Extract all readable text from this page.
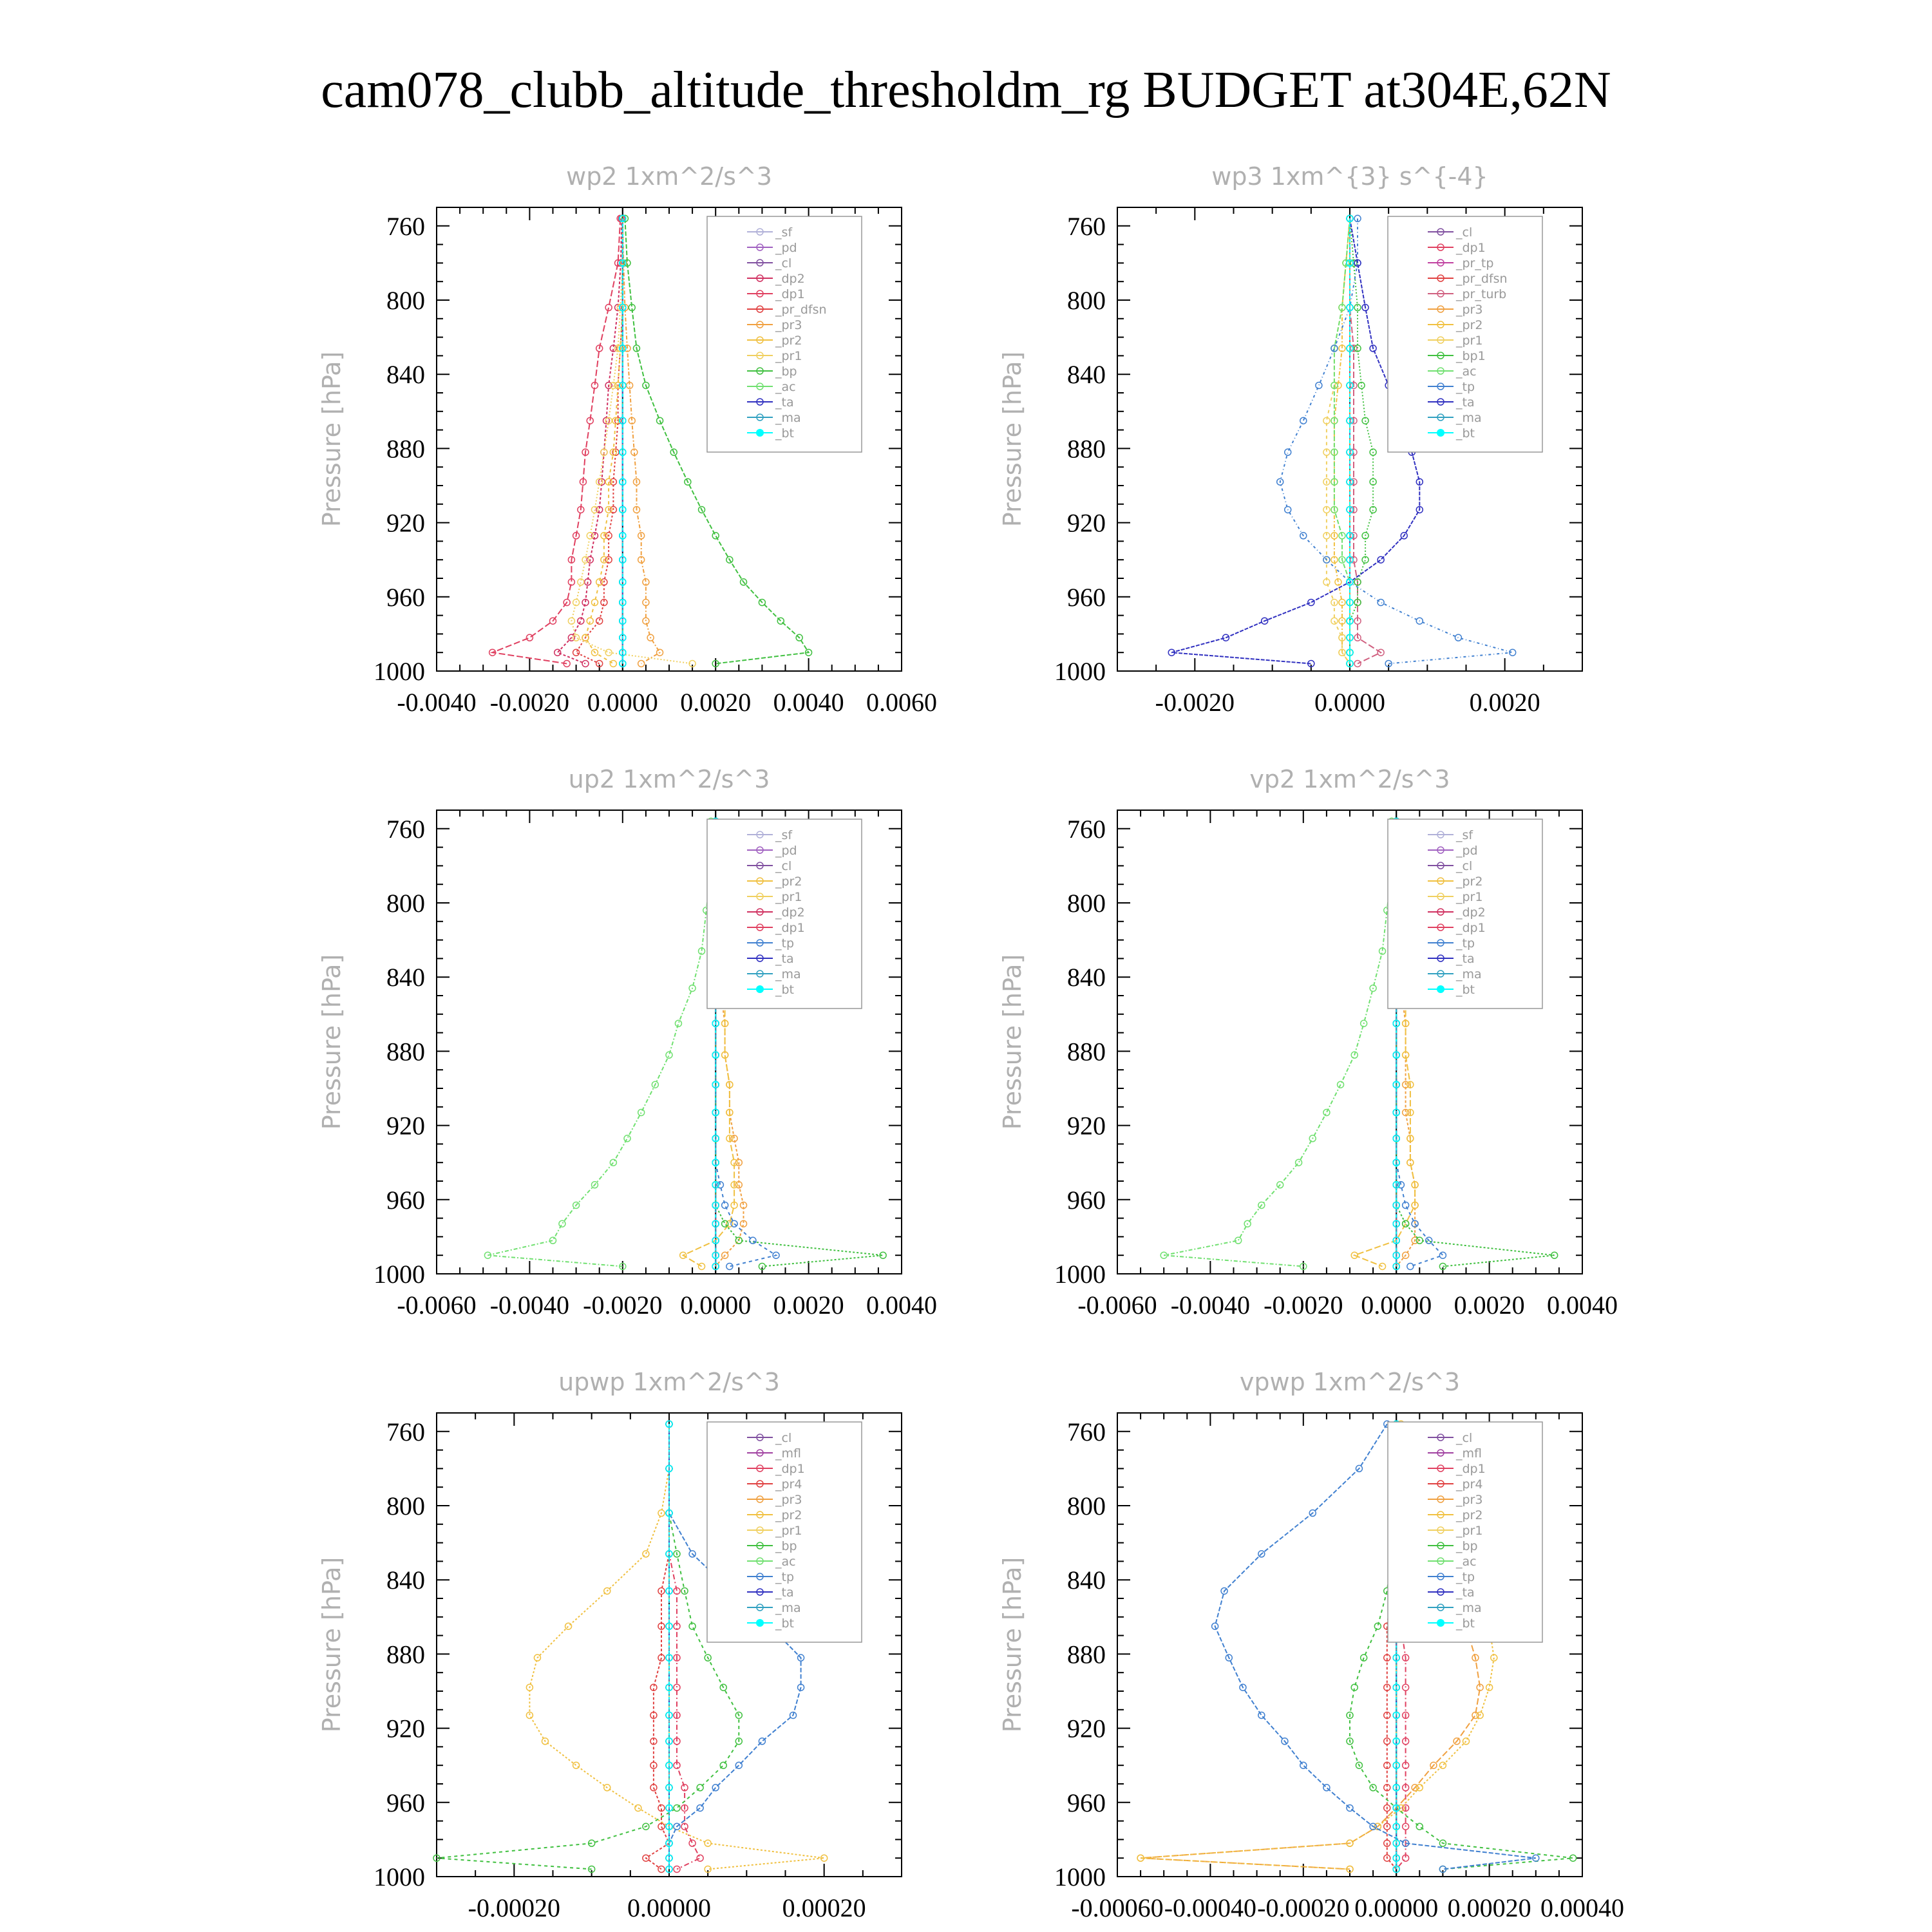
cam078_clubb_altitude_thresholdm_rg BUDGET at304E,62N
wp2 1xm^2/s^3
Pressure [hPa]
760
800
840
880
920
960
1000
-0.0040 -0.0020 0.0000 0.0020 0.0040 0.0060
_sf
_pd
_cl
_dp2
_dp1
_pr_dfsn
_pr3
_pr2
_pr1
_bp
_ac
_ta
_ma
_bt
wp3 1xm^{3} s^{-4}
Pressure [hPa]
760
800
840
880
920
960
1000
-0.0020	0.0000	0.0020
_cl
_dp1
_pr_tp
_pr_dfsn
_pr_turb
_pr3
_pr2
_pr1
_bp1
_ac
_tp
_ta
_ma
_bt
up2 1xm^2/s^3
Pressure [hPa]
760
800
840
880
920
960
1000
-0.0060 -0.0040 -0.0020 0.0000 0.0020 0.0040
_sf
_pd
_cl
_pr2
_pr1
_dp2
_dp1
_tp
_ta
_ma
_bt
vp2 1xm^2/s^3
Pressure [hPa]
760
800
840
880
920
960
1000
-0.0060 -0.0040 -0.0020 0.0000 0.0020 0.0040
_sf
_pd
_cl
_pr2
_pr1
_dp2
_dp1
_tp
_ta
_ma
_bt
upwp 1xm^2/s^3
Pressure [hPa]
760
800
840
880
920
960
1000
-0.00020	0.00000	0.00020
_cl
_mfl
_dp1
_pr4
_pr3
_pr2
_pr1
_bp
_ac
_tp
_ta
_ma
_bt
vpwp 1xm^2/s^3
Pressure [hPa]
760
800
840
880
920
960
1000
-0.00060 -0.00040 -0.00020 0.00000 0.00020 0.00040
_cl
_mfl
_dp1
_pr4
_pr3
_pr2
_pr1
_bp
_ac
_tp
_ta
_ma
_bt
